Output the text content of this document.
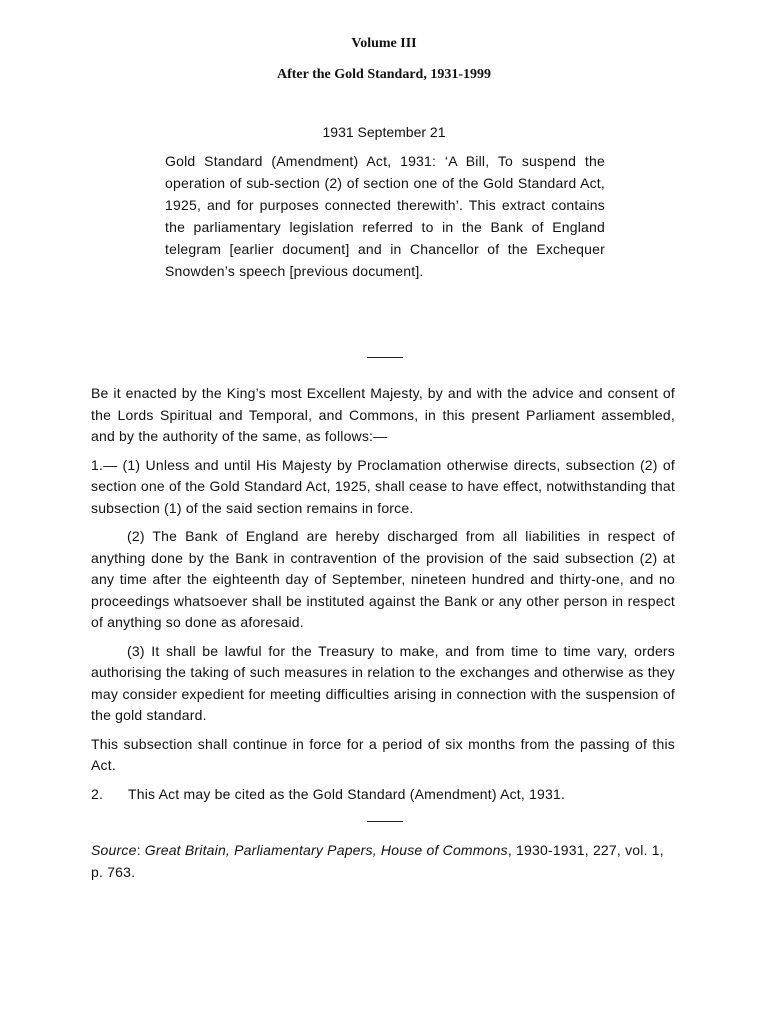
Volume III
After the Gold Standard, 1931-1999
1931 September 21
Gold Standard (Amendment) Act, 1931: ‘A Bill, To suspend the operation of sub-section (2) of section one of the Gold Standard Act, 1925, and for purposes connected therewith’. This extract contains the parliamentary legislation referred to in the Bank of England telegram [earlier document] and in Chancellor of the Exchequer Snowden’s speech [previous document].

Be it enacted by the King’s most Excellent Majesty, by and with the advice and consent of the Lords Spiritual and Temporal, and Commons, in this present Parliament assembled, and by the authority of the same, as follows:—

1.— (1) Unless and until His Majesty by Proclamation otherwise directs, subsection (2) of section one of the Gold Standard Act, 1925, shall cease to have effect, notwithstanding that subsection (1) of the said section remains in force.

(2) The Bank of England are hereby discharged from all liabilities in respect of anything done by the Bank in contravention of the provision of the said subsection (2) at any time after the eighteenth day of September, nineteen hundred and thirty-one, and no proceedings whatsoever shall be instituted against the Bank or any other person in respect of anything so done as aforesaid.

(3) It shall be lawful for the Treasury to make, and from time to time vary, orders authorising the taking of such measures in relation to the exchanges and otherwise as they may consider expedient for meeting difficulties arising in connection with the suspension of the gold standard.

This subsection shall continue in force for a period of six months from the passing of this Act.

2. This Act may be cited as the Gold Standard (Amendment) Act, 1931.

Source: Great Britain, Parliamentary Papers, House of Commons, 1930-1931, 227, vol. 1, p. 763.
